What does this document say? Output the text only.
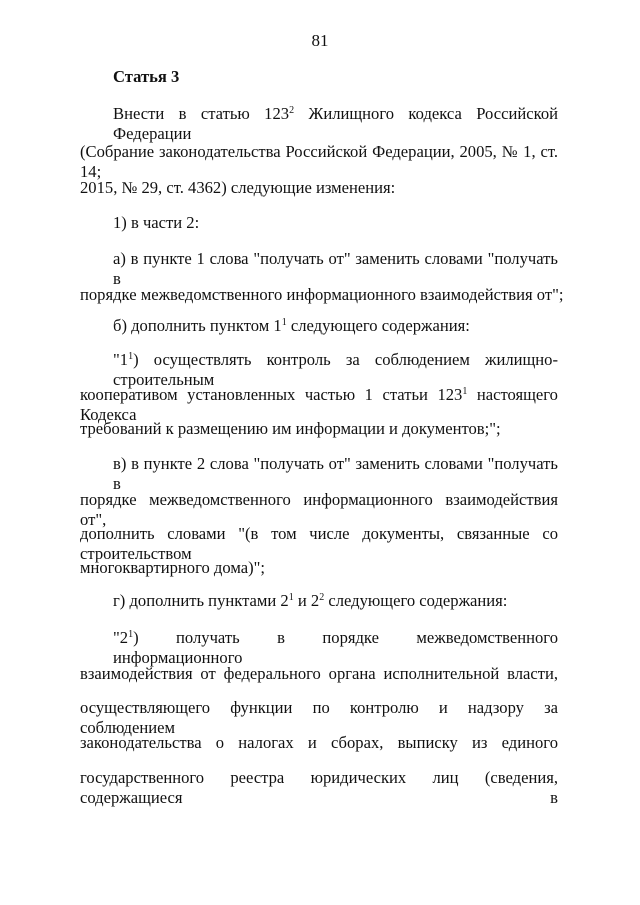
81
Статья 3
Внести в статью $123^2$ Жилищного кодекса Российской Федерации
(Собрание законодательства Российской Федерации, 2005, № 1, ст. 14;
2015, № 29, ст. 4362) следующие изменения:
1) в части 2:
а) в пункте 1 слова "получать от" заменить словами "получать в
порядке межведомственного информационного взаимодействия от";
б) дополнить пунктом $1^1$ следующего содержания:
"$1^1$) осуществлять контроль за соблюдением жилищно-строительным
кооперативом установленных частью 1 статьи $123^1$ настоящего Кодекса
требований к размещению им информации и документов;";
в) в пункте 2 слова "получать от" заменить словами "получать в
порядке межведомственного информационного взаимодействия от",
дополнить словами "(в том числе документы, связанные со строительством
многоквартирного дома)";
г) дополнить пунктами $2^1$ и $2^2$ следующего содержания:
"$2^1$) получать в порядке межведомственного информационного
взаимодействия от федерального органа исполнительной власти,
осуществляющего функции по контролю и надзору за соблюдением
законодательства о налогах и сборах, выписку из единого
государственного реестра юридических лиц (сведения, содержащиеся в
